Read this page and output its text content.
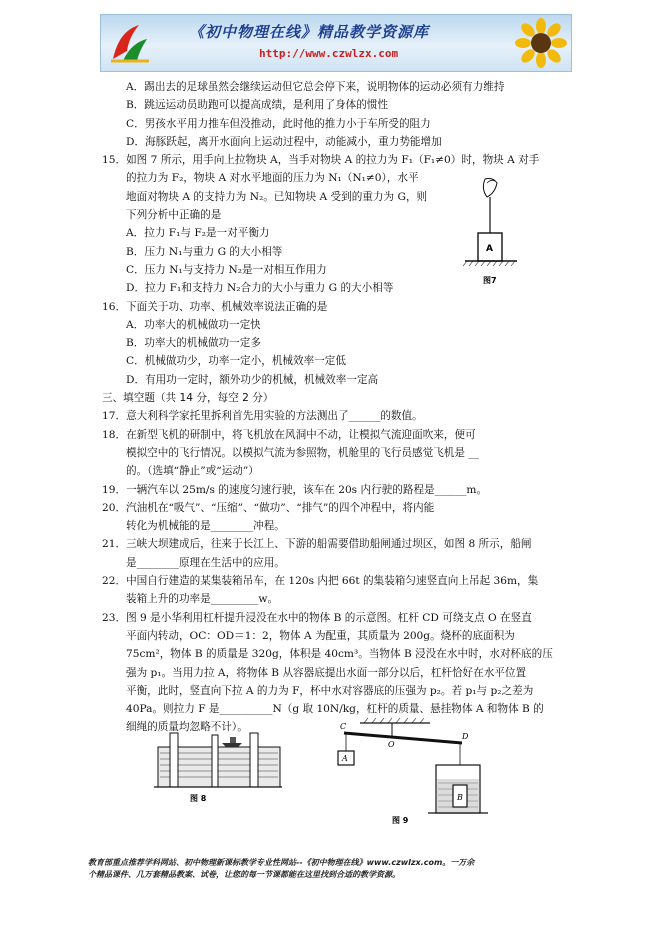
《初中物理在线》精品教学资源库
http://www.czwlzx.com
A．踢出去的足球虽然会继续运动但它总会停下来，说明物体的运动必须有力维持
B．跳远运动员助跑可以提高成绩，是利用了身体的惯性
C．男孩水平用力推车但没推动，此时他的推力小于车所受的阻力
D．海豚跃起，离开水面向上运动过程中，动能减小，重力势能增加
15．如图 7 所示，用手向上拉物块 A，当手对物块 A 的拉力为 F₁（F₁≠0）时，物块 A 对手
的拉力为 F₂，物块 A 对水平地面的压力为 N₁（N₁≠0），水平
地面对物块 A 的支持力为 N₂。已知物块 A 受到的重力为 G，则
下列分析中正确的是
A．拉力 F₁与 F₂是一对平衡力
B．压力 N₁与重力 G 的大小相等
C．压力 N₁与支持力 N₂是一对相互作用力
D．拉力 F₁和支持力 N₂合力的大小与重力 G 的大小相等
16．下面关于功、功率、机械效率说法正确的是
A．功率大的机械做功一定快
B．功率大的机械做功一定多
C．机械做功少，功率一定小，机械效率一定低
D．有用功一定时，额外功少的机械，机械效率一定高
三、填空题（共 14 分，每空 2 分）
17．意大利科学家托里拆利首先用实验的方法测出了______的数值。
18．在新型飞机的研制中，将飞机放在风洞中不动，让模拟气流迎面吹来，便可
模拟空中的飞行情况。以模拟气流为参照物，机舱里的飞行员感觉飞机是 __
的。（选填“静止”或“运动”）
19．一辆汽车以 25m/s 的速度匀速行驶，该车在 20s 内行驶的路程是______m。
20．汽油机在“吸气”、“压缩”、“做功”、“排气”的四个冲程中，将内能
转化为机械能的是________冲程。
21．三峡大坝建成后，往来于长江上、下游的船需要借助船闸通过坝区，如图 8 所示，船闸
是________原理在生活中的应用。
22．中国自行建造的某集装箱吊车，在 120s 内把 66t 的集装箱匀速竖直向上吊起 36m，集
装箱上升的功率是_________w。
23．图 9 是小华利用杠杆提升浸没在水中的物体 B 的示意图。杠杆 CD 可绕支点 O 在竖直
平面内转动，OC：OD＝1：2，物体 A 为配重，其质量为 200g。烧杯的底面积为
75cm²，物体 B 的质量是 320g，体积是 40cm³。当物体 B 浸没在水中时，水对杯底的压
强为 p₁。当用力拉 A，将物体 B 从容器底提出水面一部分以后，杠杆恰好在水平位置
平衡，此时，竖直向下拉 A 的力为 F，杯中水对容器底的压强为 p₂。若 p₁与 p₂之差为
40Pa。则拉力 F 是__________N（g 取 10N/kg，杠杆的质量、悬挂物体 A 和物体 B 的
细绳的质量均忽略不计）。
A
图7
图 8
C
O
D
A
B
图 9
教育部重点推荐学科网站、初中物理新课标教学专业性网站--《初中物理在线》www.czwlzx.com。一万余
个精品课件、几万套精品教案、试卷，让您的每一节课都能在这里找到合适的教学资源。
